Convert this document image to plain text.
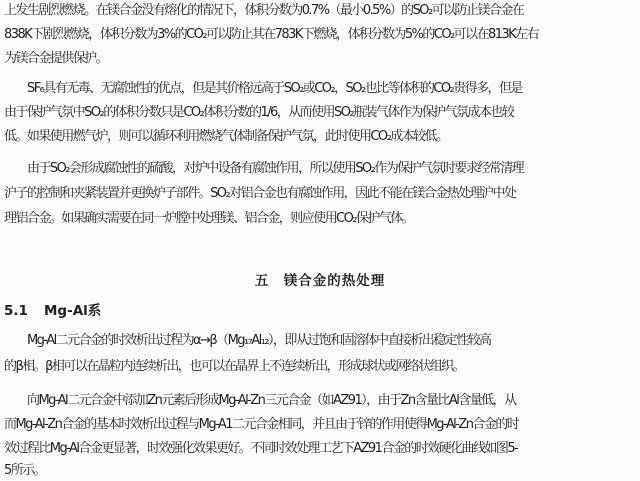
上发生剧烈燃烧。在镁合金没有熔化的情况下，体积分数为0.7%（最小0.5%）的SO₂可以防止镁合金在
838K下剧烈燃烧，体积分数为3%的CO₂可以防止其在783K下燃烧，体积分数为5%的CO₂可以在813K左右
为镁合金提供保护。
SF₆具有无毒、无腐蚀性的优点，但是其价格远高于SO₂或CO₂，SO₂也比等体积的CO₂贵得多，但是
由于保护气氛中SO₂的体积分数只是CO₂体积分数的1/6，从而使用SO₂瓶装气体作为保护气氛成本也较
低。如果使用燃气炉，则可以循环利用燃烧气体制备保护气氛，此时使用CO₂成本较低。
由于SO₂会形成腐蚀性的硫酸，对炉中设备有腐蚀作用，所以使用SO₂作为保护气氛时要求经常清理
沪子的控制和夹紧装置并更换炉子部件。SO₂对铝合金也有腐蚀作用，因此不能在镁合金热处理沪中处
理铝合金。如果确实需要在同一炉膛中处理镁、铝合金，则应使用CO₂保护气体。
五　镁合金的热处理
5.1 Mg-Al系
Mg-Al二元合金的时效析出过程为α→β（Mg₁₇Al₁₂），即从过饱和固溶体中直接析出稳定性较高
的β相。β相可以在晶粒内连续析出，也可以在晶界上不连续析出，形成球状或网络状组织。
向Mg-Al二元合金中添加Zn元素后形成Mg-Al-Zn三元合金（如AZ91），由于Zn含量比Al含量低，从
而Mg-Al-Zn合金的基本时效析出过程与Mg-A1二元合金相同，并且由于锌的作用使得Mg-Al-Zn合金的时
效过程比Mg-Al合金更显著，时效强化效果更好。不同时效处理工艺下AZ91合金的时效硬化曲线如图5-
5所示。
